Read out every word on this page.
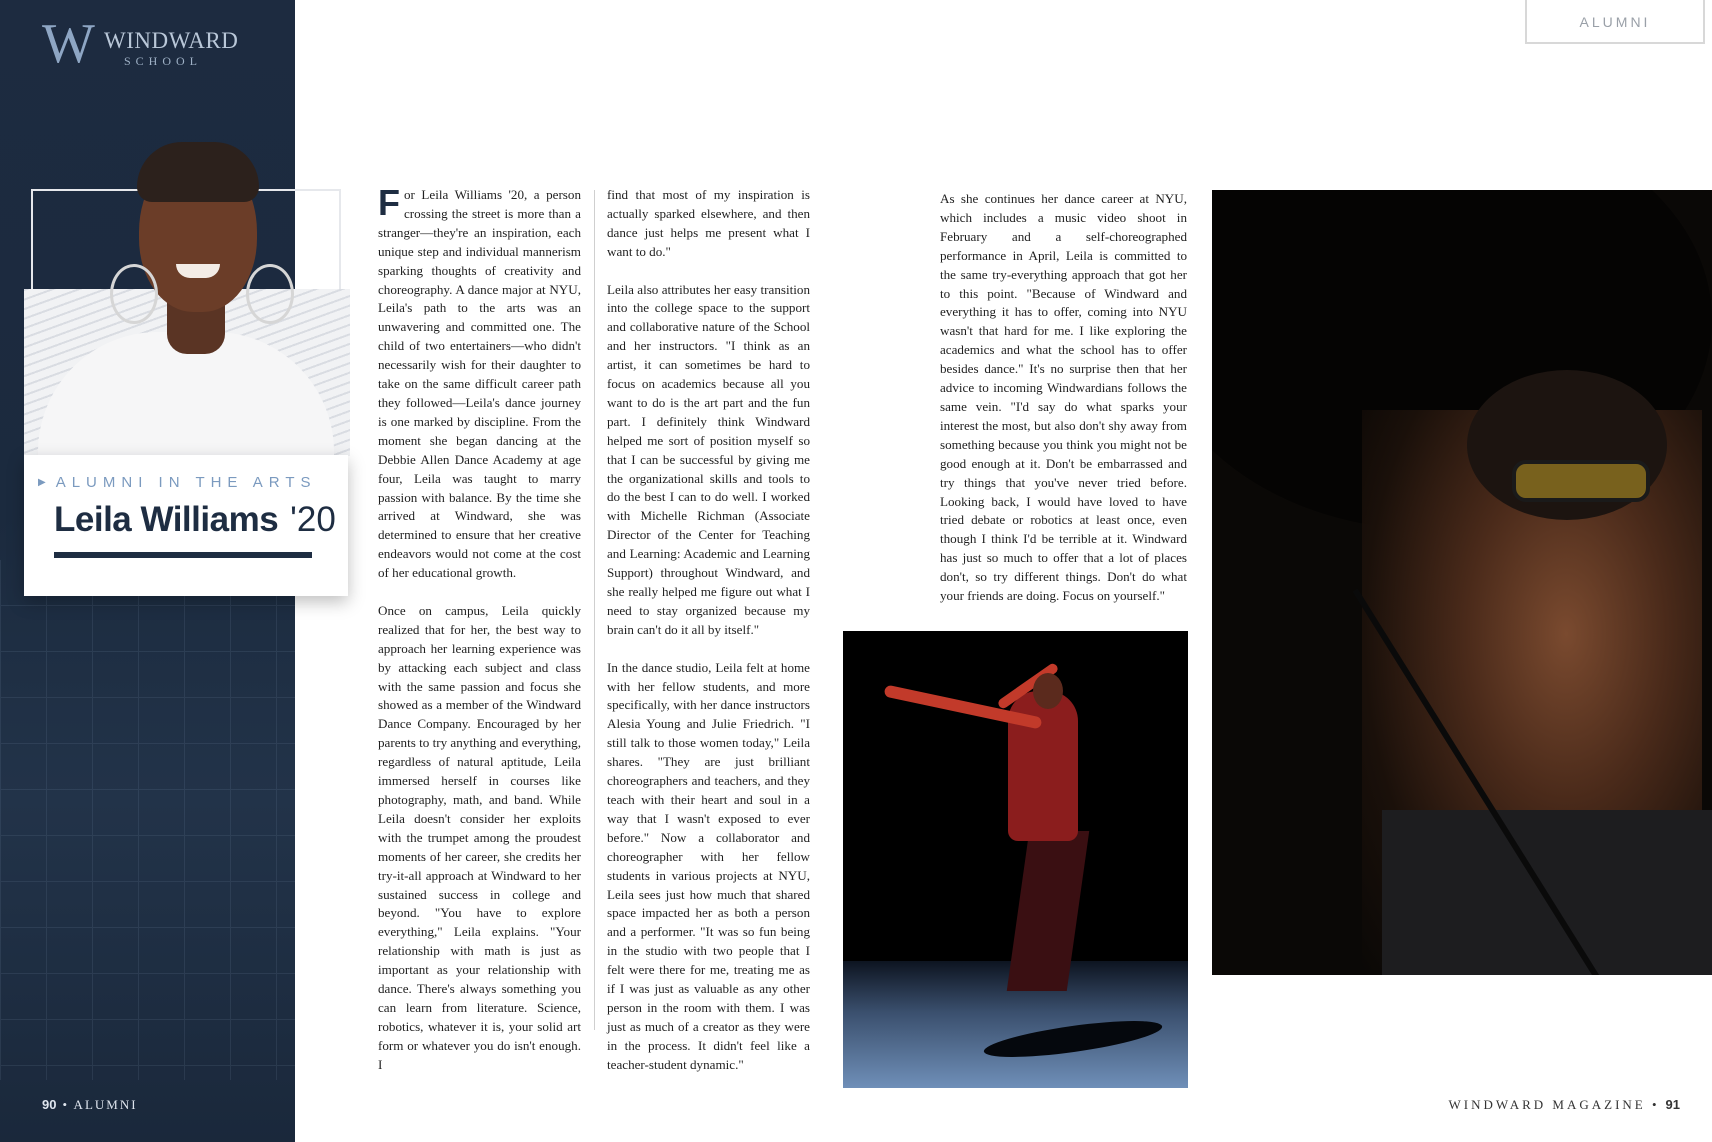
W WINDWARD
SCHOOL
▶ ALUMNI IN THE ARTS
Leila Williams '20

For Leila Williams '20, a person crossing the street is more than a stranger—they're an inspiration, each unique step and individual mannerism sparking thoughts of creativity and choreography. A dance major at NYU, Leila's path to the arts was an unwavering and committed one. The child of two entertainers—who didn't necessarily wish for their daughter to take on the same difficult career path they followed—Leila's dance journey is one marked by discipline. From the moment she began dancing at the Debbie Allen Dance Academy at age four, Leila was taught to marry passion with balance. By the time she arrived at Windward, she was determined to ensure that her creative endeavors would not come at the cost of her educational growth.

Once on campus, Leila quickly realized that for her, the best way to approach her learning experience was by attacking each subject and class with the same passion and focus she showed as a member of the Windward Dance Company. Encouraged by her parents to try anything and everything, regardless of natural aptitude, Leila immersed herself in courses like photography, math, and band. While Leila doesn't consider her exploits with the trumpet among the proudest moments of her career, she credits her try-it-all approach at Windward to her sustained success in college and beyond. "You have to explore everything," Leila explains. "Your relationship with math is just as important as your relationship with dance. There's always something you can learn from literature. Science, robotics, whatever it is, your solid art form or whatever you do isn't enough. I

find that most of my inspiration is actually sparked elsewhere, and then dance just helps me present what I want to do."

Leila also attributes her easy transition into the college space to the support and collaborative nature of the School and her instructors. "I think as an artist, it can sometimes be hard to focus on academics because all you want to do is the art part and the fun part. I definitely think Windward helped me sort of position myself so that I can be successful by giving me the organizational skills and tools to do the best I can to do well. I worked with Michelle Richman (Associate Director of the Center for Teaching and Learning: Academic and Learning Support) throughout Windward, and she really helped me figure out what I need to stay organized because my brain can't do it all by itself."

In the dance studio, Leila felt at home with her fellow students, and more specifically, with her dance instructors Alesia Young and Julie Friedrich. "I still talk to those women today," Leila shares. "They are just brilliant choreographers and teachers, and they teach with their heart and soul in a way that I wasn't exposed to ever before." Now a collaborator and choreographer with her fellow students in various projects at NYU, Leila sees just how much that shared space impacted her as both a person and a performer. "It was so fun being in the studio with two people that I felt were there for me, treating me as if I was just as valuable as any other person in the room with them. I was just as much of a creator as they were in the process. It didn't feel like a teacher-student dynamic."

As she continues her dance career at NYU, which includes a music video shoot in February and a self-choreographed performance in April, Leila is committed to the same try-everything approach that got her to this point. "Because of Windward and everything it has to offer, coming into NYU wasn't that hard for me. I like exploring the academics and what the school has to offer besides dance." It's no surprise then that her advice to incoming Windwardians follows the same vein. "I'd say do what sparks your interest the most, but also don't shy away from something because you think you might not be good enough at it. Don't be embarrassed and try things that you've never tried before. Looking back, I would have loved to have tried debate or robotics at least once, even though I think I'd be terrible at it. Windward has just so much to offer that a lot of places don't, so try different things. Don't do what your friends are doing. Focus on yourself."

ALUMNI
90 • ALUMNI	WINDWARD MAGAZINE • 91
